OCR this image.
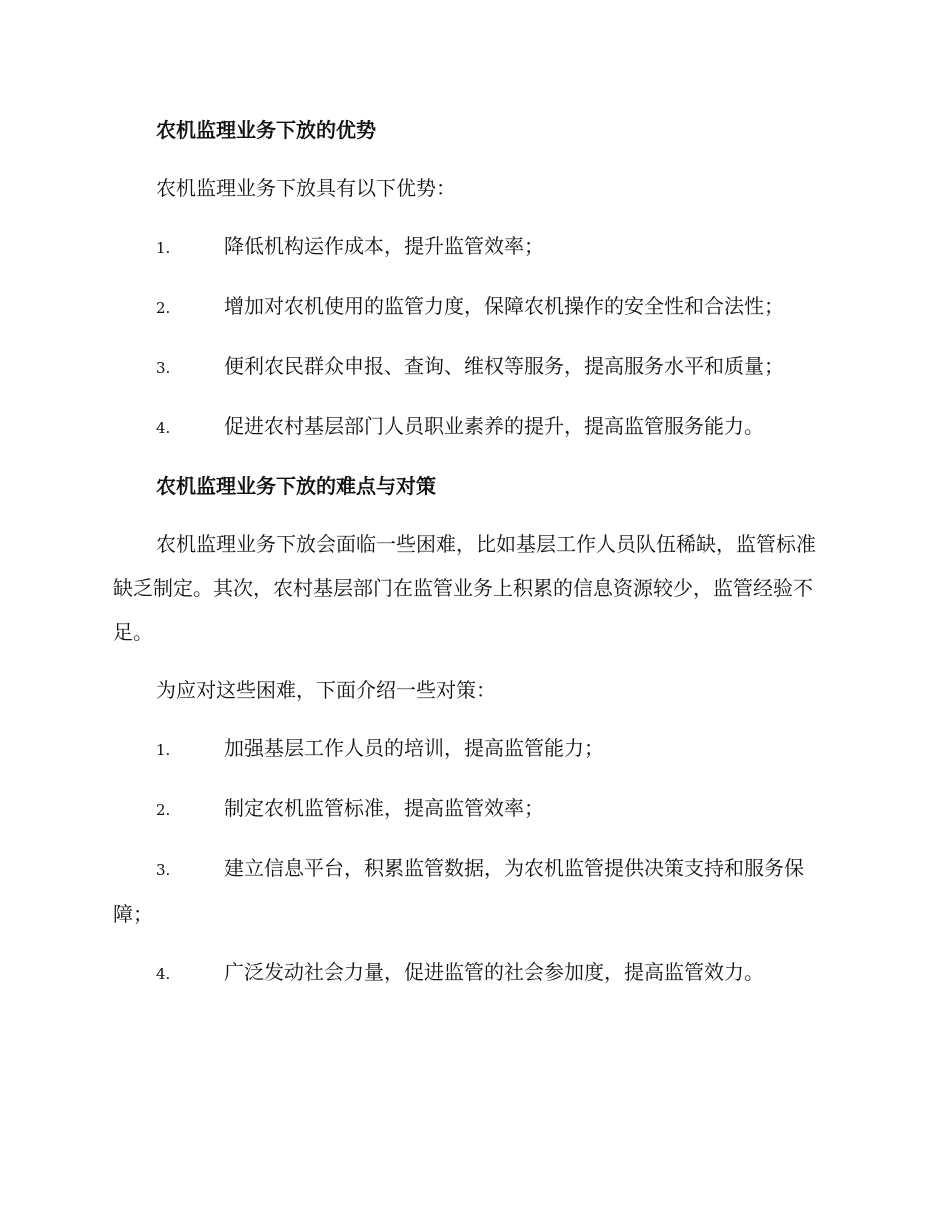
农机监理业务下放的优势
农机监理业务下放具有以下优势：
1.	降低机构运作成本，提升监管效率；
2.	增加对农机使用的监管力度，保障农机操作的安全性和合法性；
3.	便利农民群众申报、查询、维权等服务，提高服务水平和质量；
4.	促进农村基层部门人员职业素养的提升，提高监管服务能力。
农机监理业务下放的难点与对策
农机监理业务下放会面临一些困难，比如基层工作人员队伍稀缺，监管标准缺乏制定。其次，农村基层部门在监管业务上积累的信息资源较少，监管经验不足。
为应对这些困难，下面介绍一些对策：
1.	加强基层工作人员的培训，提高监管能力；
2.	制定农机监管标准，提高监管效率；
3.	建立信息平台，积累监管数据，为农机监管提供决策支持和服务保障；
4.	广泛发动社会力量，促进监管的社会参加度，提高监管效力。
